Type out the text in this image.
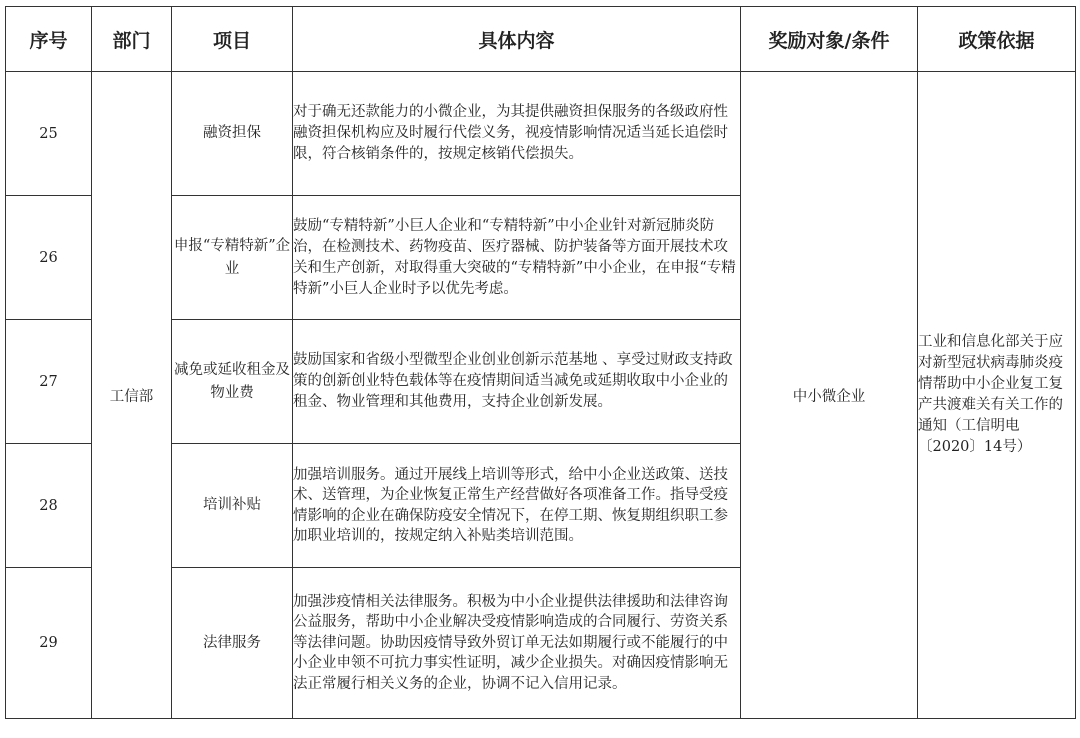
序号	部门	项目	具体内容	奖励对象/条件	政策依据
25	工信部	融资担保	对于确无还款能力的小微企业，为其提供融资担保服务的各级政府性融资担保机构应及时履行代偿义务，视疫情影响情况适当延长追偿时限，符合核销条件的，按规定核销代偿损失。	中小微企业	工业和信息化部关于应对新型冠状病毒肺炎疫情帮助中小企业复工复产共渡难关有关工作的通知（工信明电〔2020〕14号）
26		申报“专精特新”企业	鼓励“专精特新”小巨人企业和“专精特新”中小企业针对新冠肺炎防治，在检测技术、药物疫苗、医疗器械、防护装备等方面开展技术攻关和生产创新，对取得重大突破的“专精特新”中小企业，在申报“专精特新”小巨人企业时予以优先考虑。		
27		减免或延收租金及物业费	鼓励国家和省级小型微型企业创业创新示范基地 、享受过财政支持政策的创新创业特色载体等在疫情期间适当减免或延期收取中小企业的租金、物业管理和其他费用，支持企业创新发展。		
28		培训补贴	加强培训服务。通过开展线上培训等形式，给中小企业送政策、送技术、送管理，为企业恢复正常生产经营做好各项准备工作。指导受疫情影响的企业在确保防疫安全情况下，在停工期、恢复期组织职工参加职业培训的，按规定纳入补贴类培训范围。		
29		法律服务	加强涉疫情相关法律服务。积极为中小企业提供法律援助和法律咨询公益服务，帮助中小企业解决受疫情影响造成的合同履行、劳资关系等法律问题。协助因疫情导致外贸订单无法如期履行或不能履行的中小企业申领不可抗力事实性证明，减少企业损失。对确因疫情影响无法正常履行相关义务的企业，协调不记入信用记录。		
